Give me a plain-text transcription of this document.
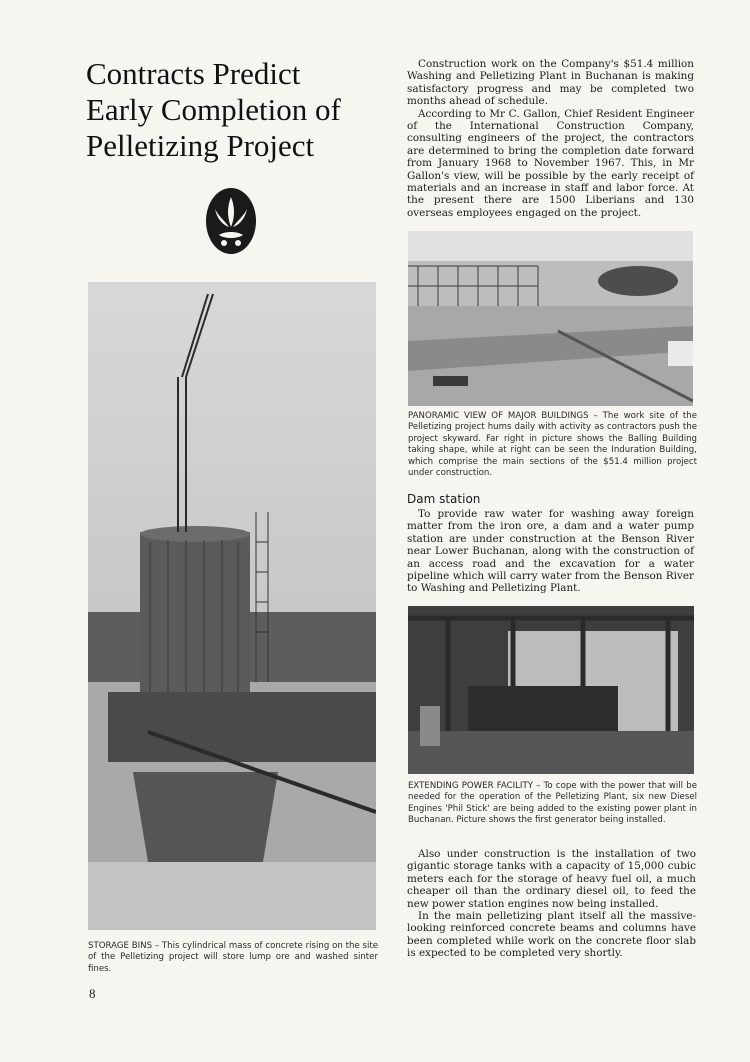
Contracts Predict
Early Completion of
Pelletizing Project
STORAGE BINS – This cylindrical mass of concrete rising on the site of the Pelletizing project will store lump ore and washed sinter fines.

Construction work on the Company's $51.4 million Washing and Pelletizing Plant in Buchanan is making satisfactory progress and may be completed two months ahead of schedule.

According to Mr C. Gallon, Chief Resident Engineer of the International Construction Company, consulting engineers of the project, the contractors are determined to bring the completion date forward from January 1968 to November 1967. This, in Mr Gallon's view, will be possible by the early receipt of materials and an increase in staff and labor force. At the present there are 1500 Liberians and 130 overseas employees engaged on the project.

PANORAMIC VIEW OF MAJOR BUILDINGS – The work site of the Pelletizing project hums daily with activity as contractors push the project skyward. Far right in picture shows the Balling Building taking shape, while at right can be seen the Induration Building, which comprise the main sections of the $51.4 million project under construction.
Dam station

To provide raw water for washing away foreign matter from the iron ore, a dam and a water pump station are under construction at the Benson River near Lower Buchanan, along with the construction of an access road and the excavation for a water pipeline which will carry water from the Benson River to Washing and Pelletizing Plant.

EXTENDING POWER FACILITY – To cope with the power that will be needed for the operation of the Pelletizing Plant, six new Diesel Engines 'Phil Stick' are being added to the existing power plant in Buchanan. Picture shows the first generator being installed.

Also under construction is the installation of two gigantic storage tanks with a capacity of 15,000 cubic meters each for the storage of heavy fuel oil, a much cheaper oil than the ordinary diesel oil, to feed the new power station engines now being installed.

In the main pelletizing plant itself all the massive-looking reinforced concrete beams and columns have been completed while work on the concrete floor slab is expected to be completed very shortly.

8
